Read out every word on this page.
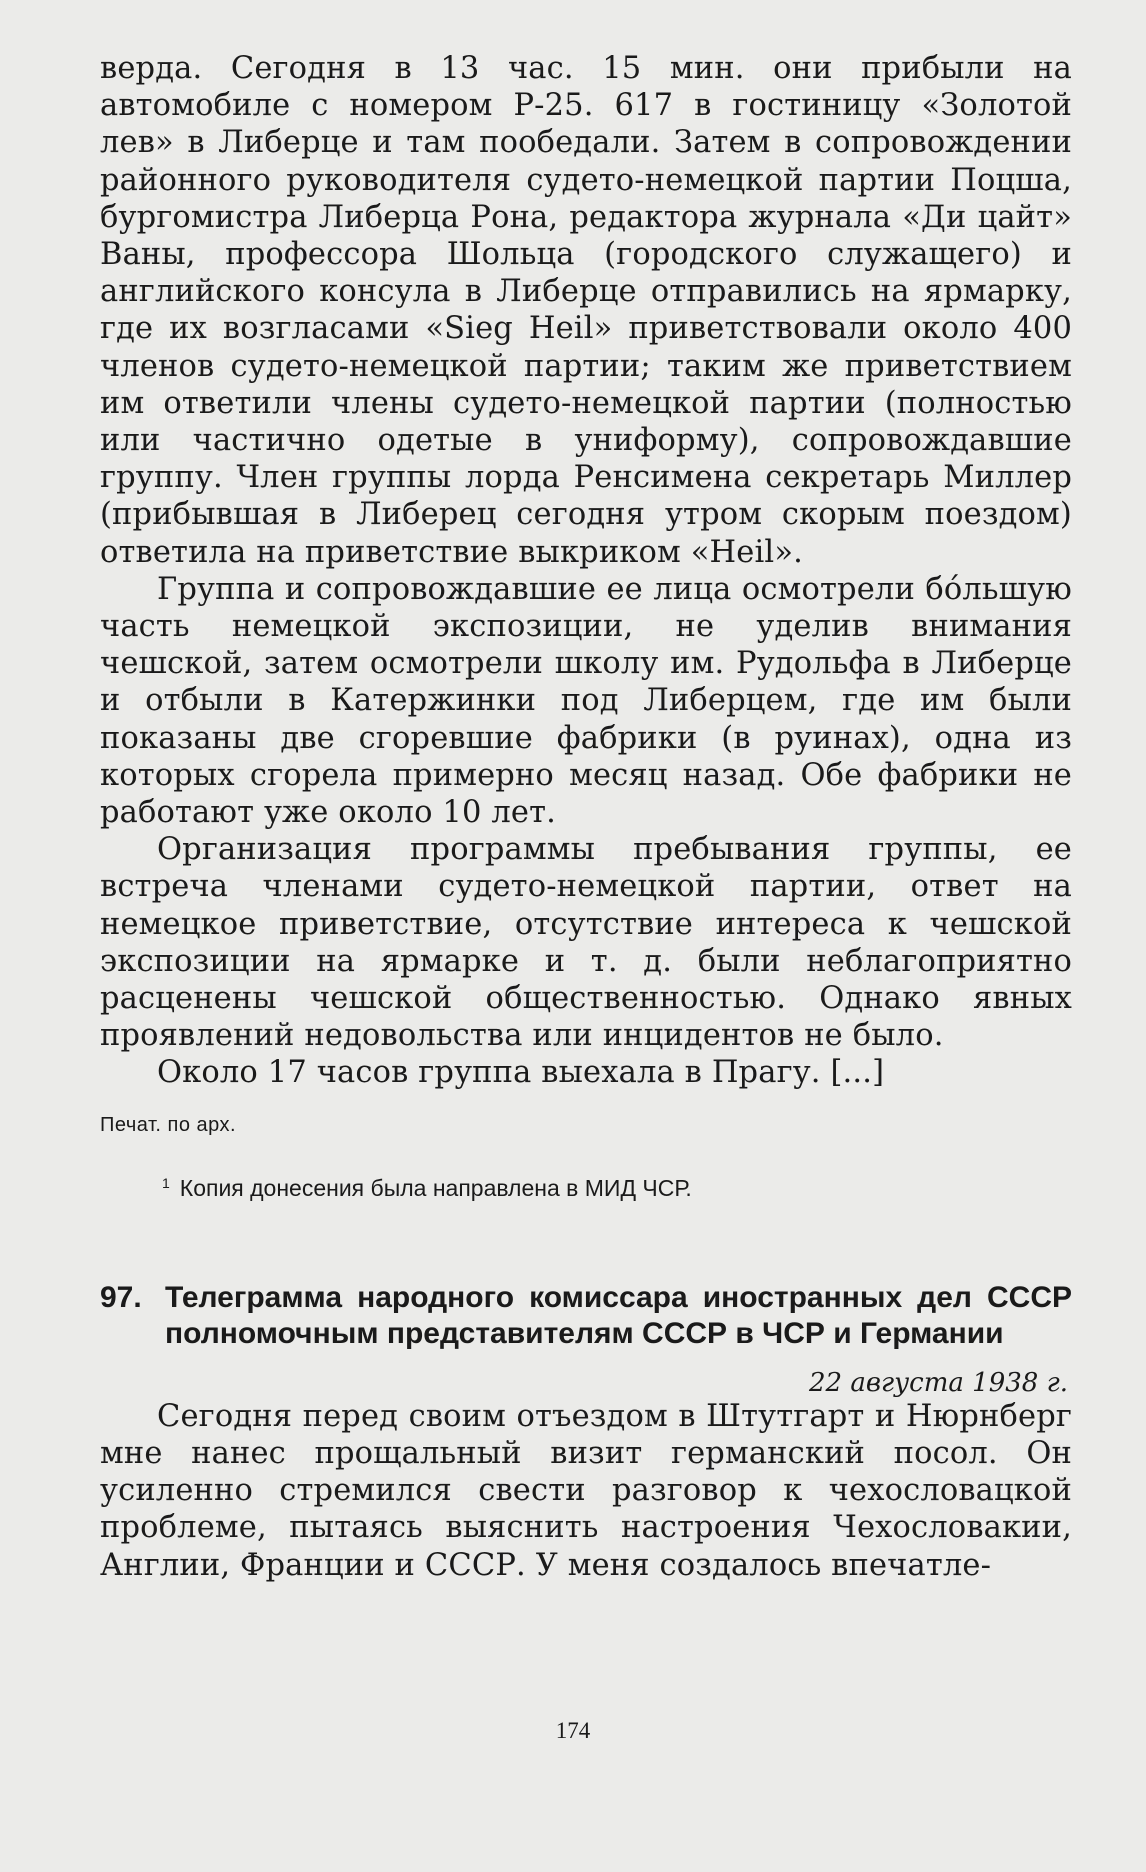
верда. Сегодня в 13 час. 15 мин. они прибыли на автомобиле с номером Р-25. 617 в гостиницу «Золотой лев» в Либерце и там пообедали. Затем в сопровождении районного руководителя судето-немецкой партии Поцша, бургомистра Либерца Рона, редактора журнала «Ди цайт» Ваны, профессора Шольца (городского служащего) и английского консула в Либерце отправились на ярмарку, где их возгласами «Sieg Heil» приветствовали около 400 членов судето-немецкой партии; таким же приветствием им ответили члены судето-немецкой партии (полностью или частично одетые в униформу), сопровождавшие группу. Член группы лорда Ренсимена секретарь Миллер (прибывшая в Либерец сегодня утром скорым поездом) ответила на приветствие выкриком «Heil».

Группа и сопровождавшие ее лица осмотрели бóльшую часть немецкой экспозиции, не уделив внимания чешской, затем осмотрели школу им. Рудольфа в Либерце и отбыли в Катержинки под Либерцем, где им были показаны две сгоревшие фабрики (в руинах), одна из которых сгорела примерно месяц назад. Обе фабрики не работают уже около 10 лет.

Организация программы пребывания группы, ее встреча членами судето-немецкой партии, ответ на немецкое приветствие, отсутствие интереса к чешской экспозиции на ярмарке и т. д. были неблагоприятно расценены чешской общественностью. Однако явных проявлений недовольства или инцидентов не было.

Около 17 часов группа выехала в Прагу. [...]

Печат. по арх.
$^1$ Копия донесения была направлена в МИД ЧСР.
97. Телеграмма народного комиссара иностранных дел СССР полномочным представителям СССР в ЧСР и Германии
22 августа 1938 г.

Сегодня перед своим отъездом в Штутгарт и Нюрнберг мне нанес прощальный визит германский посол. Он усиленно стремился свести разговор к чехословацкой проблеме, пытаясь выяснить настроения Чехословакии, Англии, Франции и СССР. У меня создалось впечатле-

174
